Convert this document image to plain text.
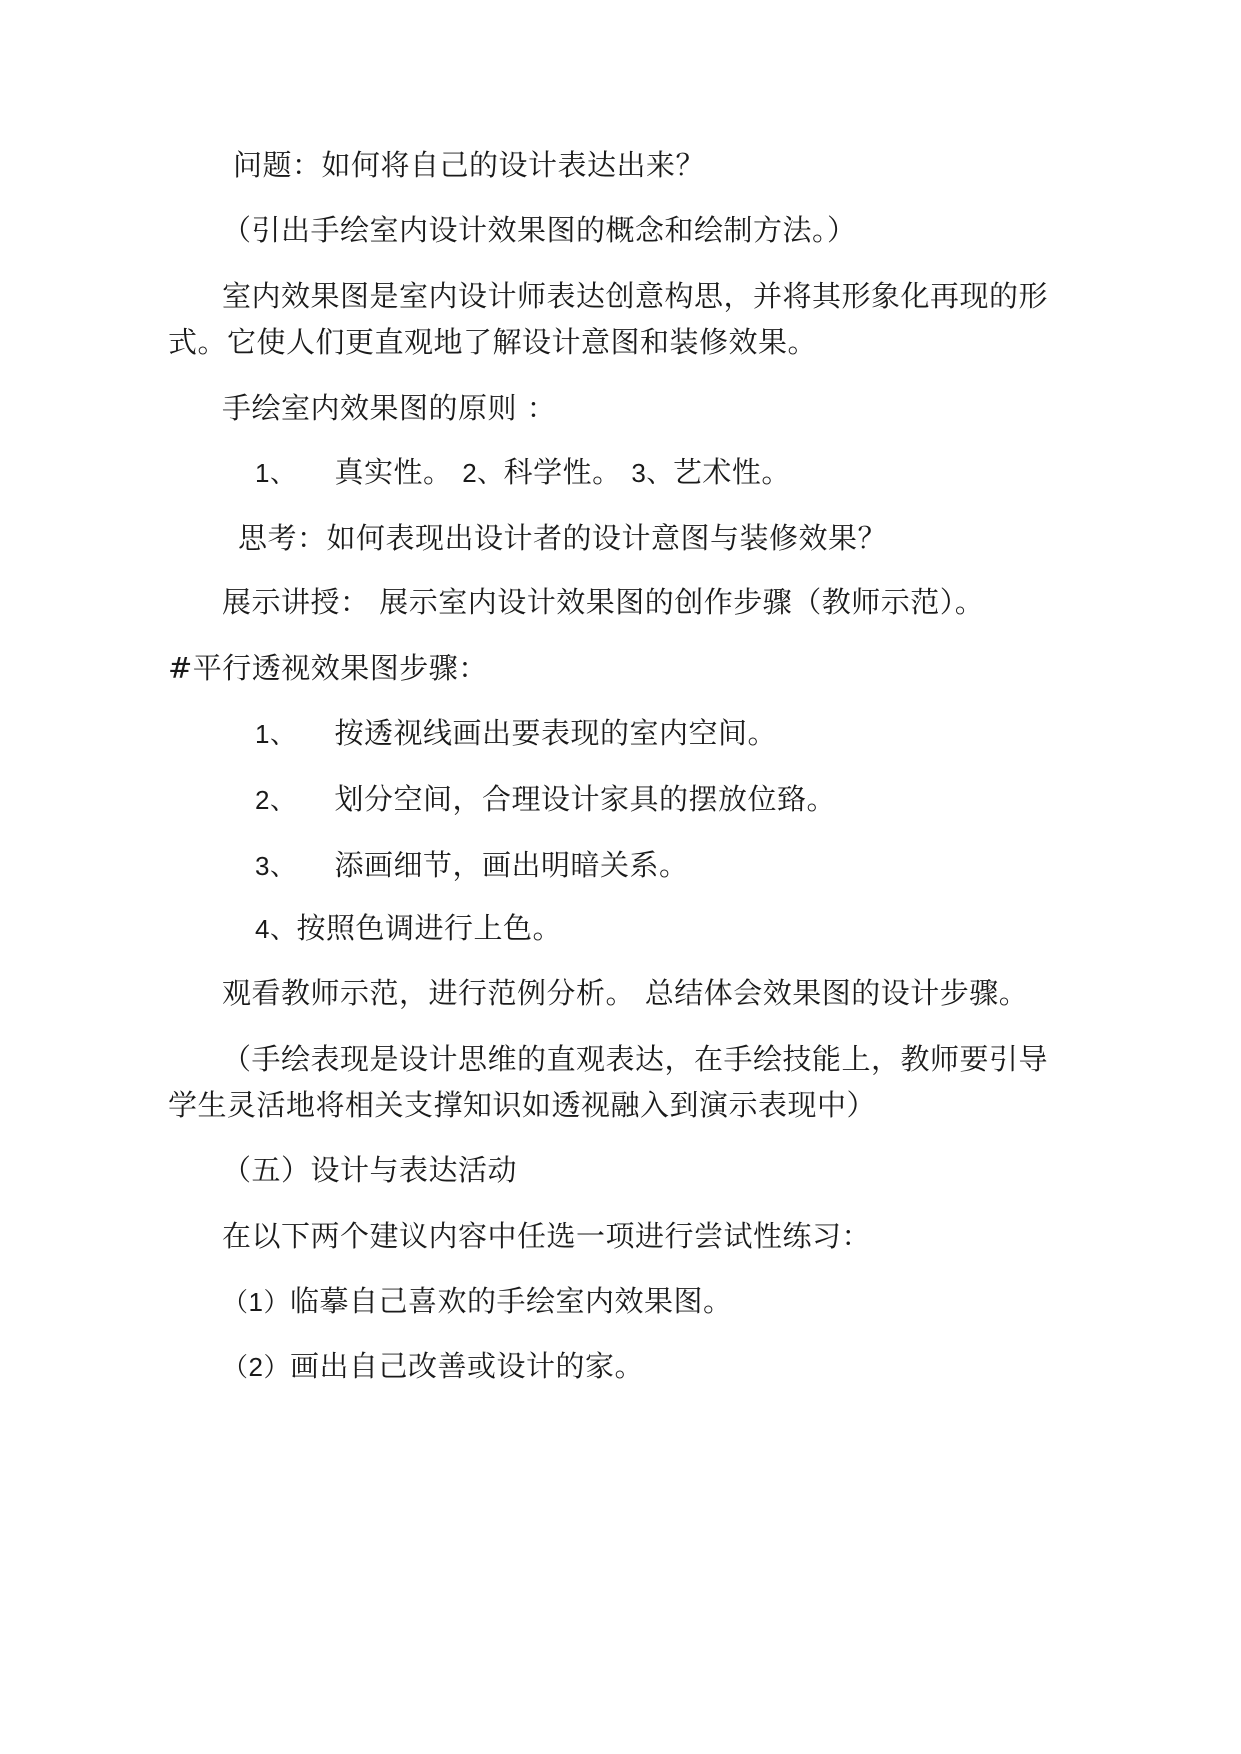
问题：如何将自己的设计表达出来？
（引出手绘室内设计效果图的概念和绘制方法。）
室内效果图是室内设计师表达创意构思，并将其形象化再现的形
式。它使人们更直观地了解设计意图和装修效果。
手绘室内效果图的原则 ：
1、 真实性。 2、科学性。 3、艺术性。
思考：如何表现出设计者的设计意图与装修效果？
展示讲授： 展示室内设计效果图的创作步骤（教师示范）。
#平行透视效果图步骤：
1、 按透视线画出要表现的室内空间。
2、 划分空间，合理设计家具的摆放位臵。
3、 添画细节，画出明暗关系。
4、按照色调进行上色。
观看教师示范，进行范例分析。 总结体会效果图的设计步骤。
（手绘表现是设计思维的直观表达，在手绘技能上，教师要引导
学生灵活地将相关支撑知识如透视融入到演示表现中）
（五）设计与表达活动
在以下两个建议内容中任选一项进行尝试性练习：
（1）临摹自己喜欢的手绘室内效果图。
（2）画出自己改善或设计的家。
